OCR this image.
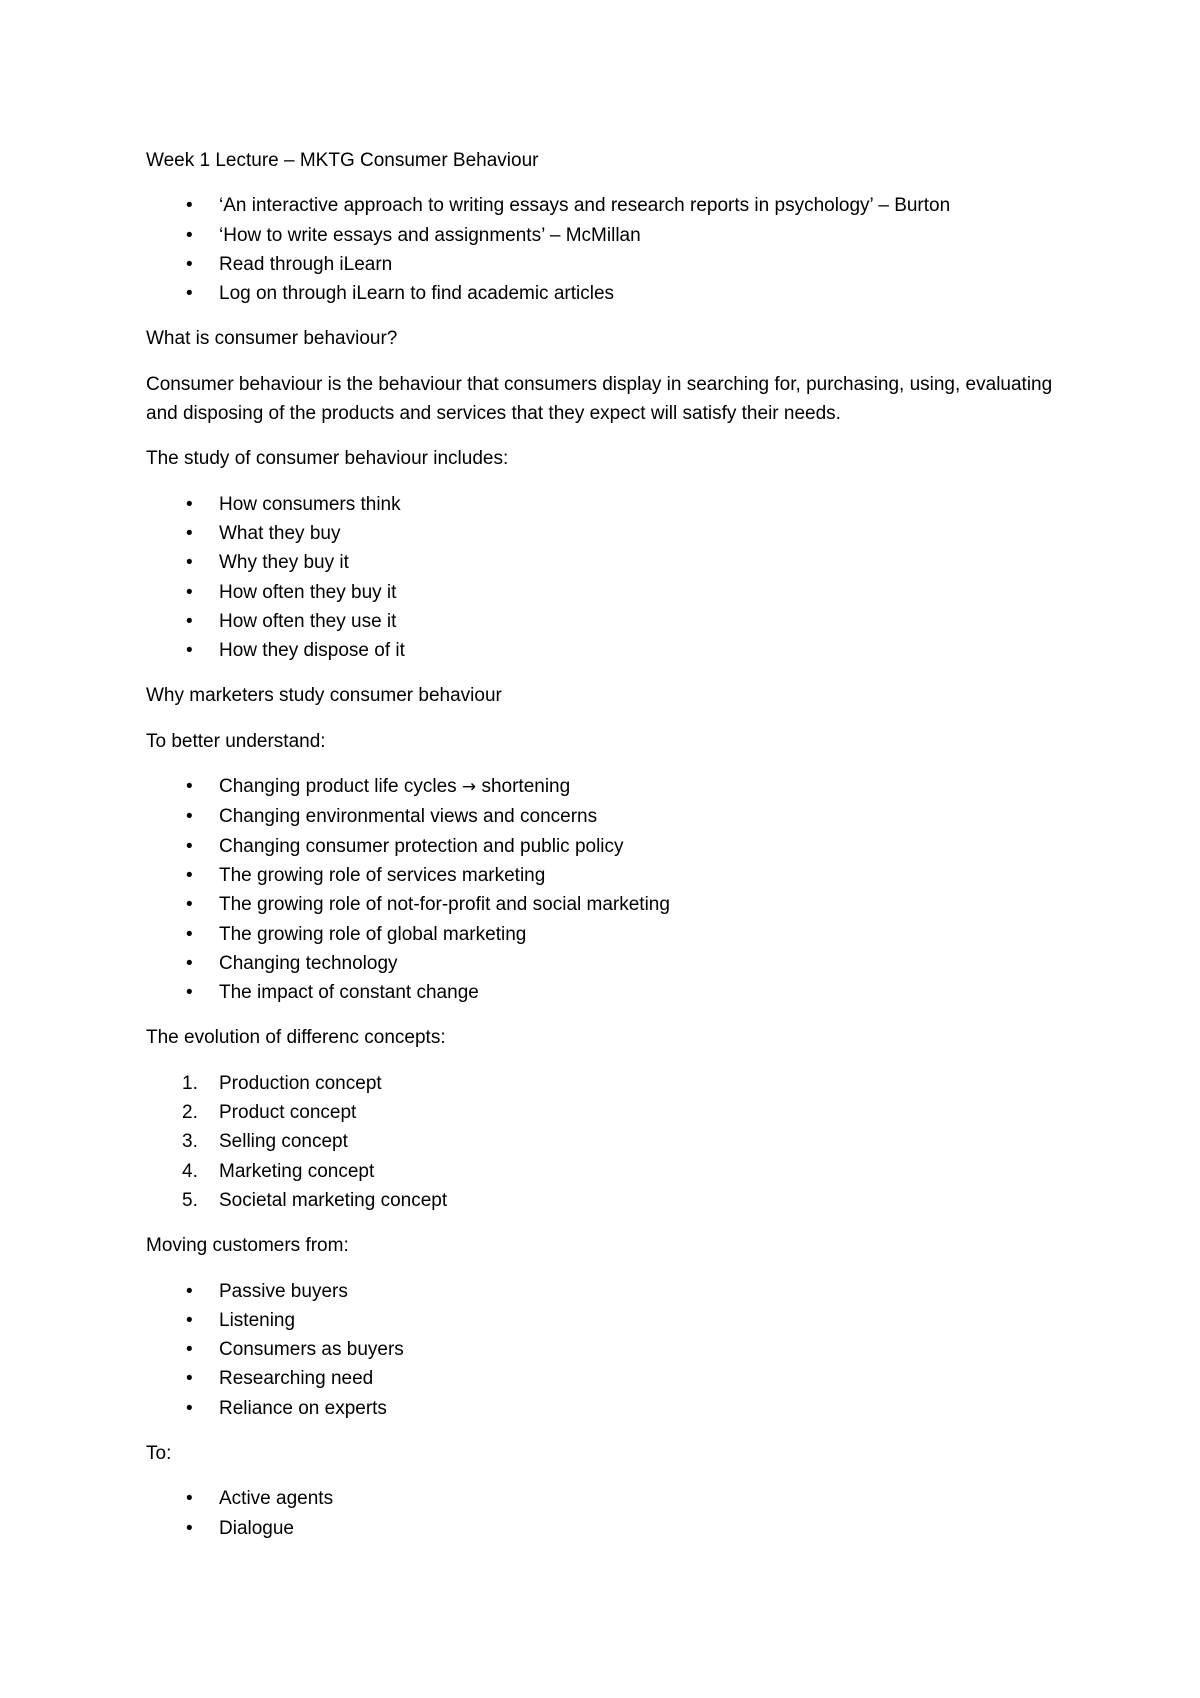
Week 1 Lecture – MKTG Consumer Behaviour

• ‘An interactive approach to writing essays and research reports in psychology’ – Burton
• ‘How to write essays and assignments’ – McMillan
• Read through iLearn
• Log on through iLearn to find academic articles

What is consumer behaviour?

Consumer behaviour is the behaviour that consumers display in searching for, purchasing, using, evaluating and disposing of the products and services that they expect will satisfy their needs.

The study of consumer behaviour includes:

• How consumers think
• What they buy
• Why they buy it
• How often they buy it
• How often they use it
• How they dispose of it

Why marketers study consumer behaviour

To better understand:

• Changing product life cycles → shortening
• Changing environmental views and concerns
• Changing consumer protection and public policy
• The growing role of services marketing
• The growing role of not-for-profit and social marketing
• The growing role of global marketing
• Changing technology
• The impact of constant change

The evolution of differenc concepts:

1. Production concept
2. Product concept
3. Selling concept
4. Marketing concept
5. Societal marketing concept

Moving customers from:

• Passive buyers
• Listening
• Consumers as buyers
• Researching need
• Reliance on experts

To:

• Active agents
• Dialogue
